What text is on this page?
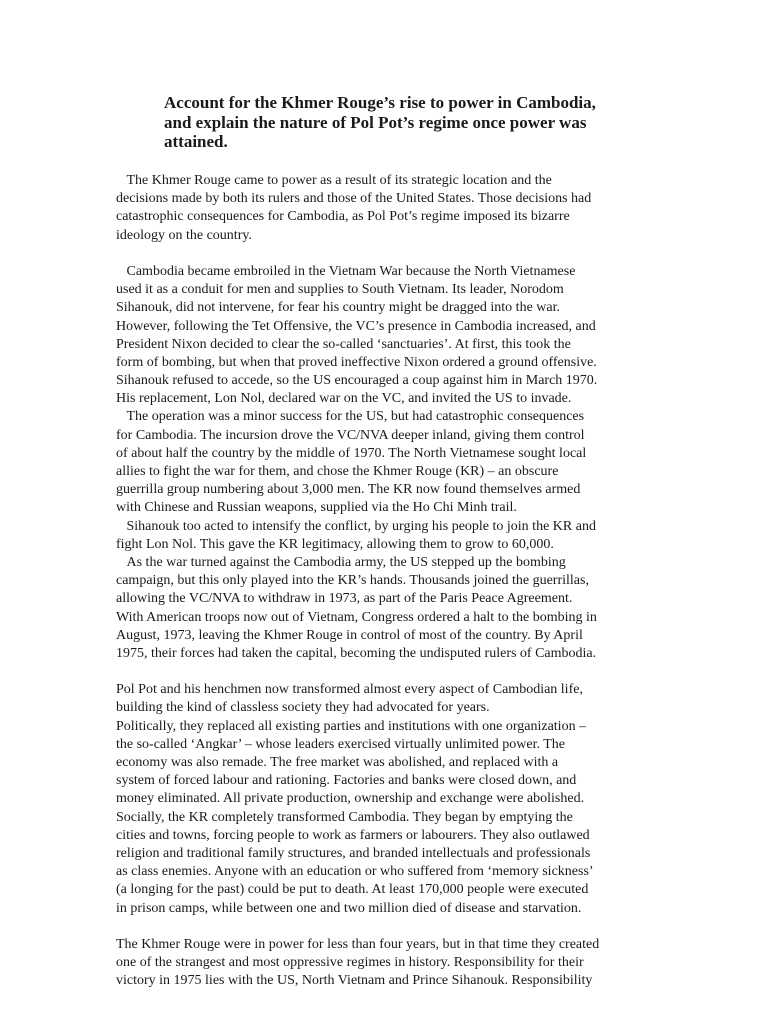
Account for the Khmer Rouge’s rise to power in Cambodia,
and explain the nature of Pol Pot’s regime once power was
attained.
The Khmer Rouge came to power as a result of its strategic location and the
decisions made by both its rulers and those of the United States. Those decisions had
catastrophic consequences for Cambodia, as Pol Pot’s regime imposed its bizarre
ideology on the country.
Cambodia became embroiled in the Vietnam War because the North Vietnamese
used it as a conduit for men and supplies to South Vietnam. Its leader, Norodom
Sihanouk, did not intervene, for fear his country might be dragged into the war.
However, following the Tet Offensive, the VC’s presence in Cambodia increased, and
President Nixon decided to clear the so-called ‘sanctuaries’. At first, this took the
form of bombing, but when that proved ineffective Nixon ordered a ground offensive.
Sihanouk refused to accede, so the US encouraged a coup against him in March 1970.
His replacement, Lon Nol, declared war on the VC, and invited the US to invade.
The operation was a minor success for the US, but had catastrophic consequences
for Cambodia. The incursion drove the VC/NVA deeper inland, giving them control
of about half the country by the middle of 1970. The North Vietnamese sought local
allies to fight the war for them, and chose the Khmer Rouge (KR) – an obscure
guerrilla group numbering about 3,000 men. The KR now found themselves armed
with Chinese and Russian weapons, supplied via the Ho Chi Minh trail.
Sihanouk too acted to intensify the conflict, by urging his people to join the KR and
fight Lon Nol. This gave the KR legitimacy, allowing them to grow to 60,000.
As the war turned against the Cambodia army, the US stepped up the bombing
campaign, but this only played into the KR’s hands. Thousands joined the guerrillas,
allowing the VC/NVA to withdraw in 1973, as part of the Paris Peace Agreement.
With American troops now out of Vietnam, Congress ordered a halt to the bombing in
August, 1973, leaving the Khmer Rouge in control of most of the country. By April
1975, their forces had taken the capital, becoming the undisputed rulers of Cambodia.
Pol Pot and his henchmen now transformed almost every aspect of Cambodian life,
building the kind of classless society they had advocated for years.
Politically, they replaced all existing parties and institutions with one organization –
the so-called ‘Angkar’ – whose leaders exercised virtually unlimited power. The
economy was also remade. The free market was abolished, and replaced with a
system of forced labour and rationing. Factories and banks were closed down, and
money eliminated. All private production, ownership and exchange were abolished.
Socially, the KR completely transformed Cambodia. They began by emptying the
cities and towns, forcing people to work as farmers or labourers. They also outlawed
religion and traditional family structures, and branded intellectuals and professionals
as class enemies. Anyone with an education or who suffered from ‘memory sickness’
(a longing for the past) could be put to death. At least 170,000 people were executed
in prison camps, while between one and two million died of disease and starvation.
The Khmer Rouge were in power for less than four years, but in that time they created
one of the strangest and most oppressive regimes in history. Responsibility for their
victory in 1975 lies with the US, North Vietnam and Prince Sihanouk. Responsibility
